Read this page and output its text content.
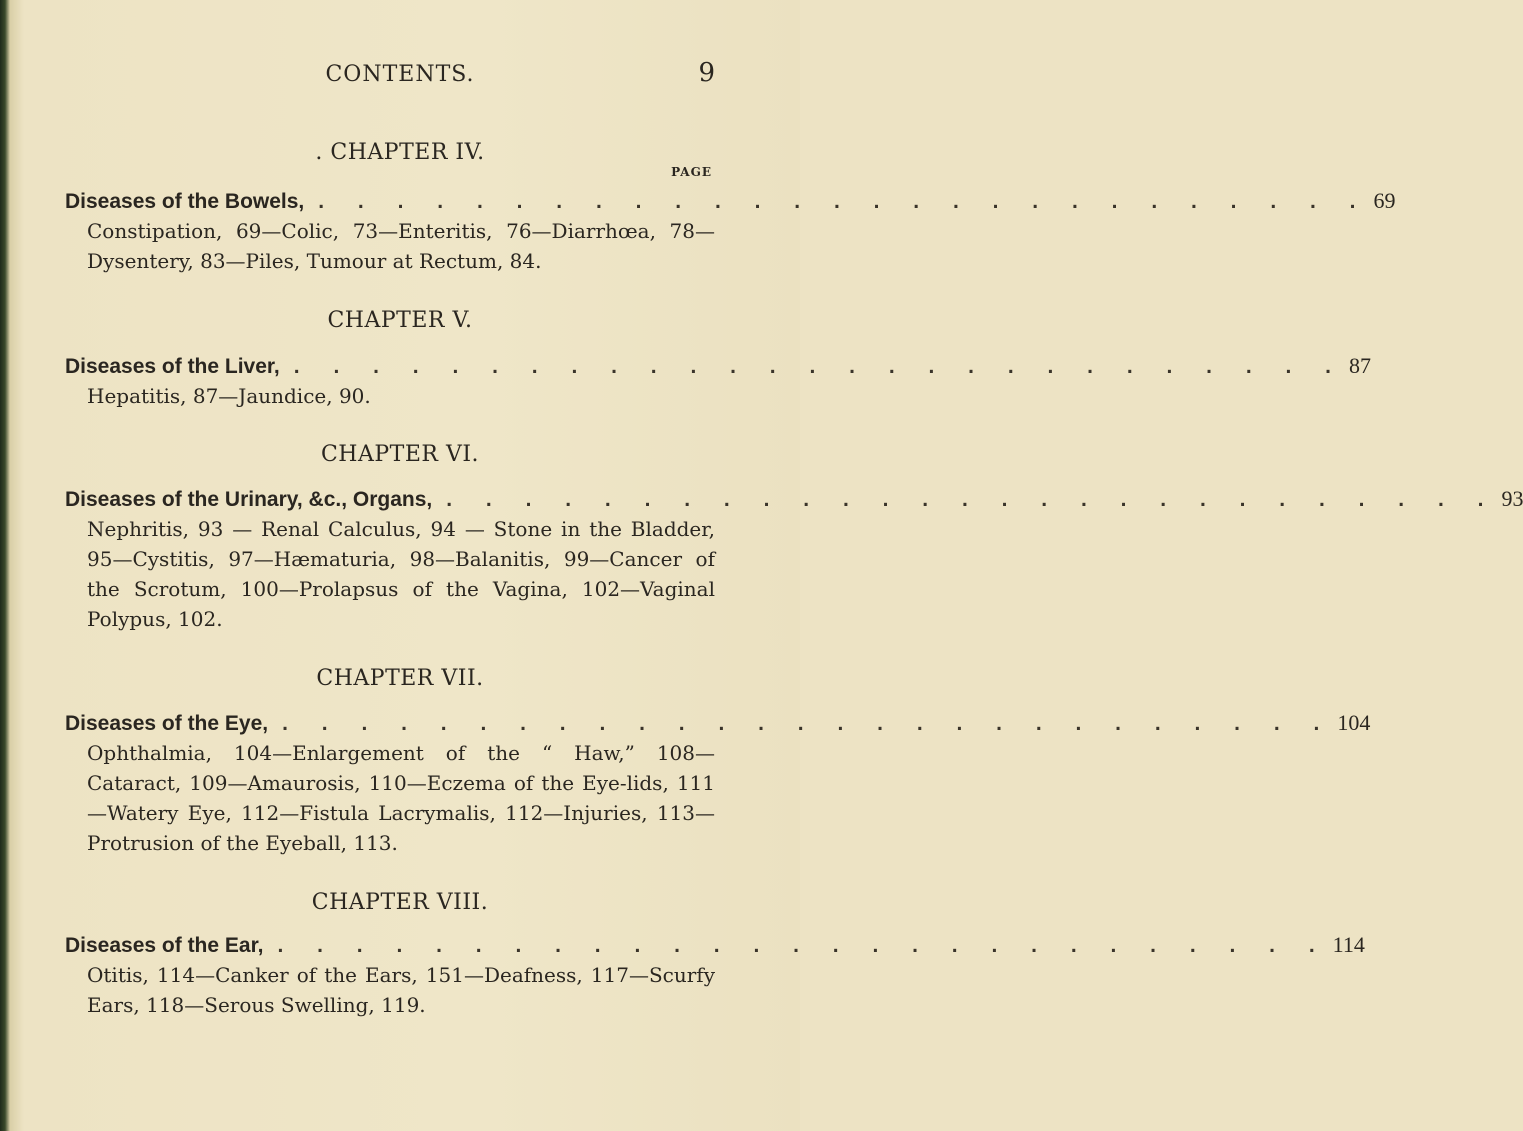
CONTENTS.	9
. CHAPTER IV.
PAGE
Diseases of the Bowels, . . . . . . . . . . . . . . . . . . . . . . . . . . . 69
Constipation, 69—Colic, 73—Enteritis, 76—Diarrhœa, 78—Dysentery, 83—Piles, Tumour at Rectum, 84.
CHAPTER V.
Diseases of the Liver, . . . . . . . . . . . . . . . . . . . . . . . . . . . 87
Hepatitis, 87—Jaundice, 90.
CHAPTER VI.
Diseases of the Urinary, &c., Organs, . . . . . . . . . . . . . . . . . . . . . . . . . . . 93
Nephritis, 93 — Renal Calculus, 94 — Stone in the Bladder, 95—Cystitis, 97—Hæmaturia, 98—Balanitis, 99—Cancer of the Scrotum, 100—Prolapsus of the Vagina, 102—Vaginal Polypus, 102.
CHAPTER VII.
Diseases of the Eye, . . . . . . . . . . . . . . . . . . . . . . . . . . . 104
Ophthalmia, 104—Enlargement of the “ Haw,” 108—Cataract, 109—Amaurosis, 110—Eczema of the Eye-lids, 111—Watery Eye, 112—Fistula Lacrymalis, 112—Injuries, 113—Protrusion of the Eyeball, 113.
CHAPTER VIII.
Diseases of the Ear, . . . . . . . . . . . . . . . . . . . . . . . . . . . 114
Otitis, 114—Canker of the Ears, 151—Deafness, 117—Scurfy Ears, 118—Serous Swelling, 119.
